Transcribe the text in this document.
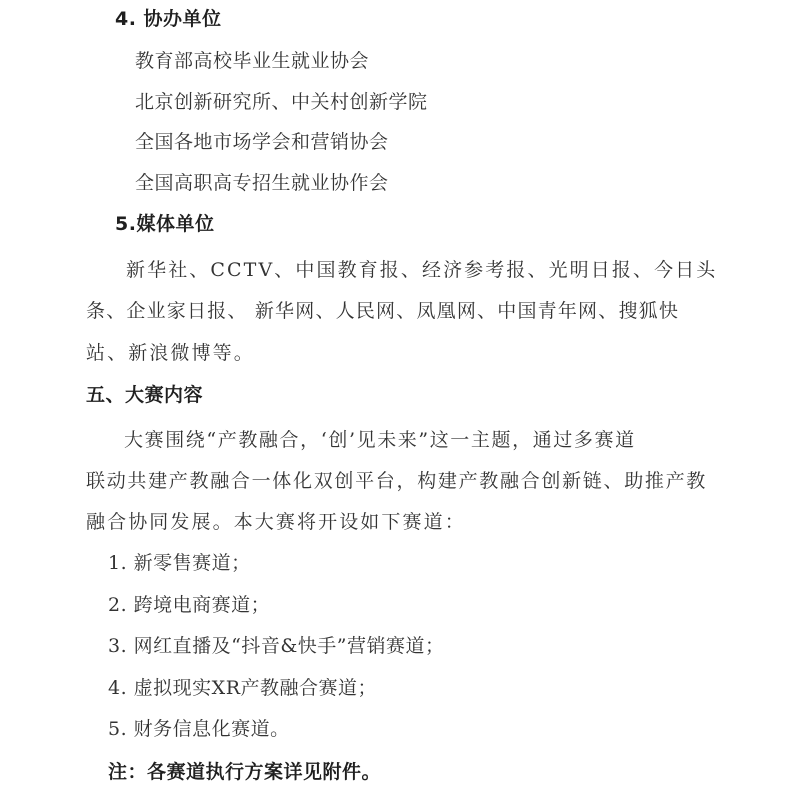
4. 协办单位
教育部高校毕业生就业协会
北京创新研究所、中关村创新学院
全国各地市场学会和营销协会
全国高职高专招生就业协作会
5.媒体单位
新华社、CCTV、中国教育报、经济参考报、光明日报、今日头
条、企业家日报、 新华网、人民网、凤凰网、中国青年网、搜狐快
站、新浪微博等。
五、大赛内容
大赛围绕“产教融合，‘创’见未来”这一主题，通过多赛道
联动共建产教融合一体化双创平台，构建产教融合创新链、助推产教
融合协同发展。本大赛将开设如下赛道：
1. 新零售赛道；
2. 跨境电商赛道；
3. 网红直播及“抖音&快手”营销赛道；
4. 虚拟现实XR产教融合赛道；
5. 财务信息化赛道。
注：各赛道执行方案详见附件。
